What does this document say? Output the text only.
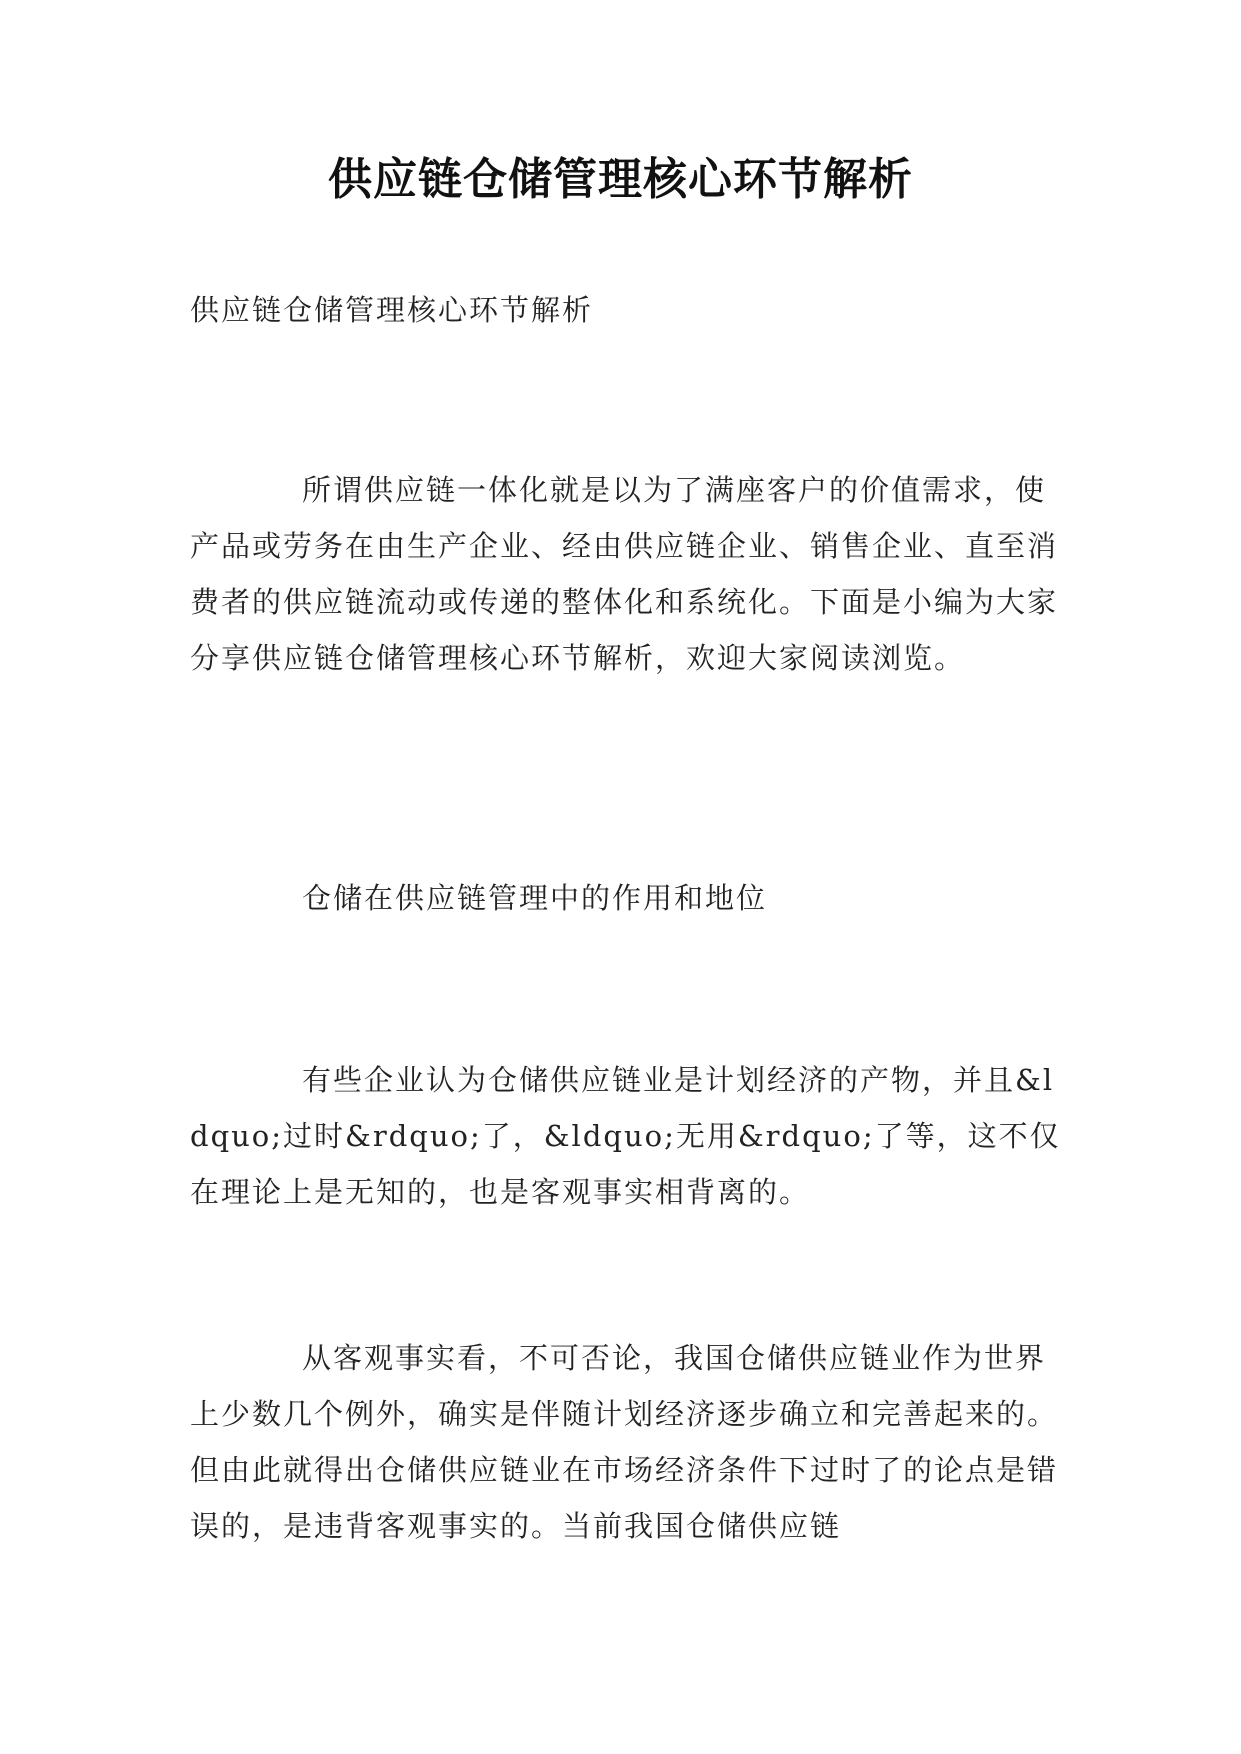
供应链仓储管理核心环节解析
供应链仓储管理核心环节解析

所谓供应链一体化就是以为了满座客户的价值需求，使产品或劳务在由生产企业、经由供应链企业、销售企业、直至消费者的供应链流动或传递的整体化和系统化。下面是小编为大家分享供应链仓储管理核心环节解析，欢迎大家阅读浏览。

仓储在供应链管理中的作用和地位

有些企业认为仓储供应链业是计划经济的产物，并且&ldquo;过时&rdquo;了，&ldquo;无用&rdquo;了等，这不仅在理论上是无知的，也是客观事实相背离的。

从客观事实看，不可否论，我国仓储供应链业作为世界上少数几个例外，确实是伴随计划经济逐步确立和完善起来的。但由此就得出仓储供应链业在市场经济条件下过时了的论点是错误的，是违背客观事实的。当前我国仓储供应链
